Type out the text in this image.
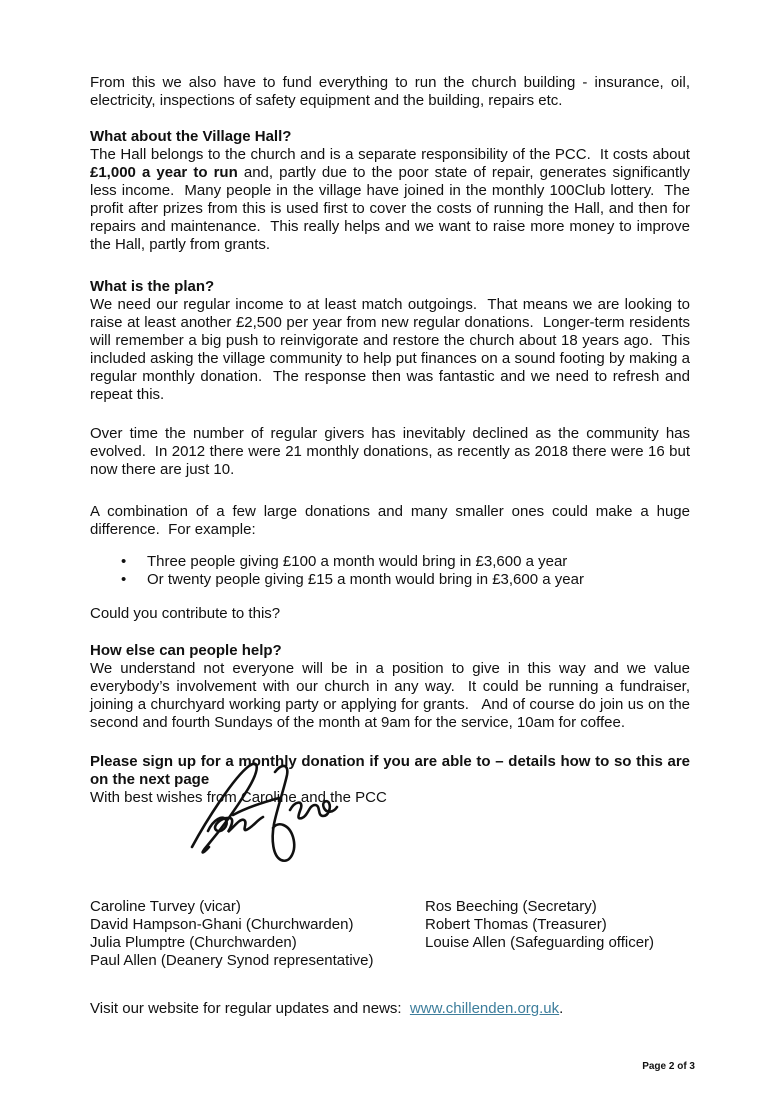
From this we also have to fund everything to run the church building - insurance, oil, electricity, inspections of safety equipment and the building, repairs etc.

What about the Village Hall?

The Hall belongs to the church and is a separate responsibility of the PCC.  It costs about £1,000 a year to run and, partly due to the poor state of repair, generates significantly less income.  Many people in the village have joined in the monthly 100Club lottery.  The profit after prizes from this is used first to cover the costs of running the Hall, and then for repairs and maintenance.  This really helps and we want to raise more money to improve the Hall, partly from grants.

What is the plan?

We need our regular income to at least match outgoings.  That means we are looking to raise at least another £2,500 per year from new regular donations.  Longer-term residents will remember a big push to reinvigorate and restore the church about 18 years ago.  This included asking the village community to help put finances on a sound footing by making a regular monthly donation.  The response then was fantastic and we need to refresh and repeat this.

Over time the number of regular givers has inevitably declined as the community has evolved.  In 2012 there were 21 monthly donations, as recently as 2018 there were 16 but now there are just 10.

A combination of a few large donations and many smaller ones could make a huge difference.  For example:

•	Three people giving £100 a month would bring in £3,600 a year
•	Or twenty people giving £15 a month would bring in £3,600 a year

Could you contribute to this?

How else can people help?

We understand not everyone will be in a position to give in this way and we value everybody’s involvement with our church in any way.  It could be running a fundraiser, joining a churchyard working party or applying for grants.   And of course do join us on the second and fourth Sundays of the month at 9am for the service, 10am for coffee.

Please sign up for a monthly donation if you are able to – details how to so this are on the next page

With best wishes from Caroline and the PCC

Caroline Turvey (vicar)

David Hampson-Ghani (Churchwarden)

Julia Plumptre (Churchwarden)

Paul Allen (Deanery Synod representative)

Ros Beeching (Secretary)

Robert Thomas (Treasurer)

Louise Allen (Safeguarding officer)

Visit our website for regular updates and news:  www.chillenden.org.uk.

Page 2 of 3
